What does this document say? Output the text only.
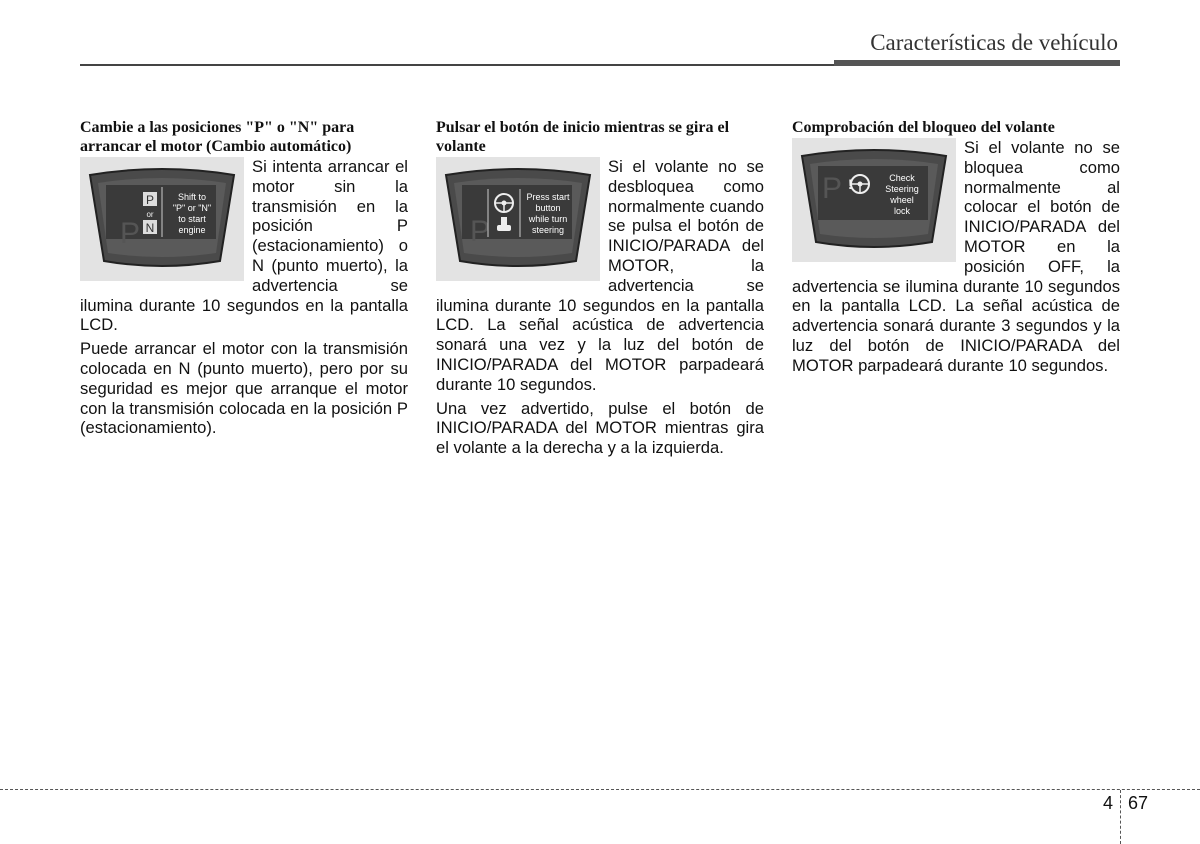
Características de vehículo
Cambie a las posiciones "P" o "N" para arrancar el motor (Cambio automático)
P
P
or
N
Shift to
"P" or "N"
to start
engine

Si intenta arrancar el motor sin la transmisión en la posición P (estacionamiento) o N (punto muerto), la advertencia se ilumina durante 10 segundos en la pantalla LCD.

Puede arrancar el motor con la transmisión colocada en N (punto muerto), pero por su seguridad es mejor que arranque el motor con la transmisión colocada en la posición P (estacionamiento).

Pulsar el botón de inicio mientras se gira el volante
P
Press start
button
while turn
steering

Si el volante no se desbloquea como normalmente cuando se pulsa el botón de INICIO/PARADA del MOTOR, la advertencia se ilumina durante 10 segundos en la pantalla LCD. La señal acústica de advertencia sonará una vez y la luz del botón de INICIO/PARADA del MOTOR parpadeará durante 10 segundos.

Una vez advertido, pulse el botón de INICIO/PARADA del MOTOR mientras gira el volante a la derecha y a la izquierda.

Comprobación del bloqueo del volante
P !	Check
Steering
wheel
lock

Si el volante no se bloquea como normalmente al colocar el botón de INICIO/PARADA del MOTOR en la posición OFF, la advertencia se ilumina durante 10 segundos en la pantalla LCD. La señal acústica de advertencia sonará durante 3 segundos y la luz del botón de INICIO/PARADA del MOTOR parpadeará durante 10 segundos.

4 67
